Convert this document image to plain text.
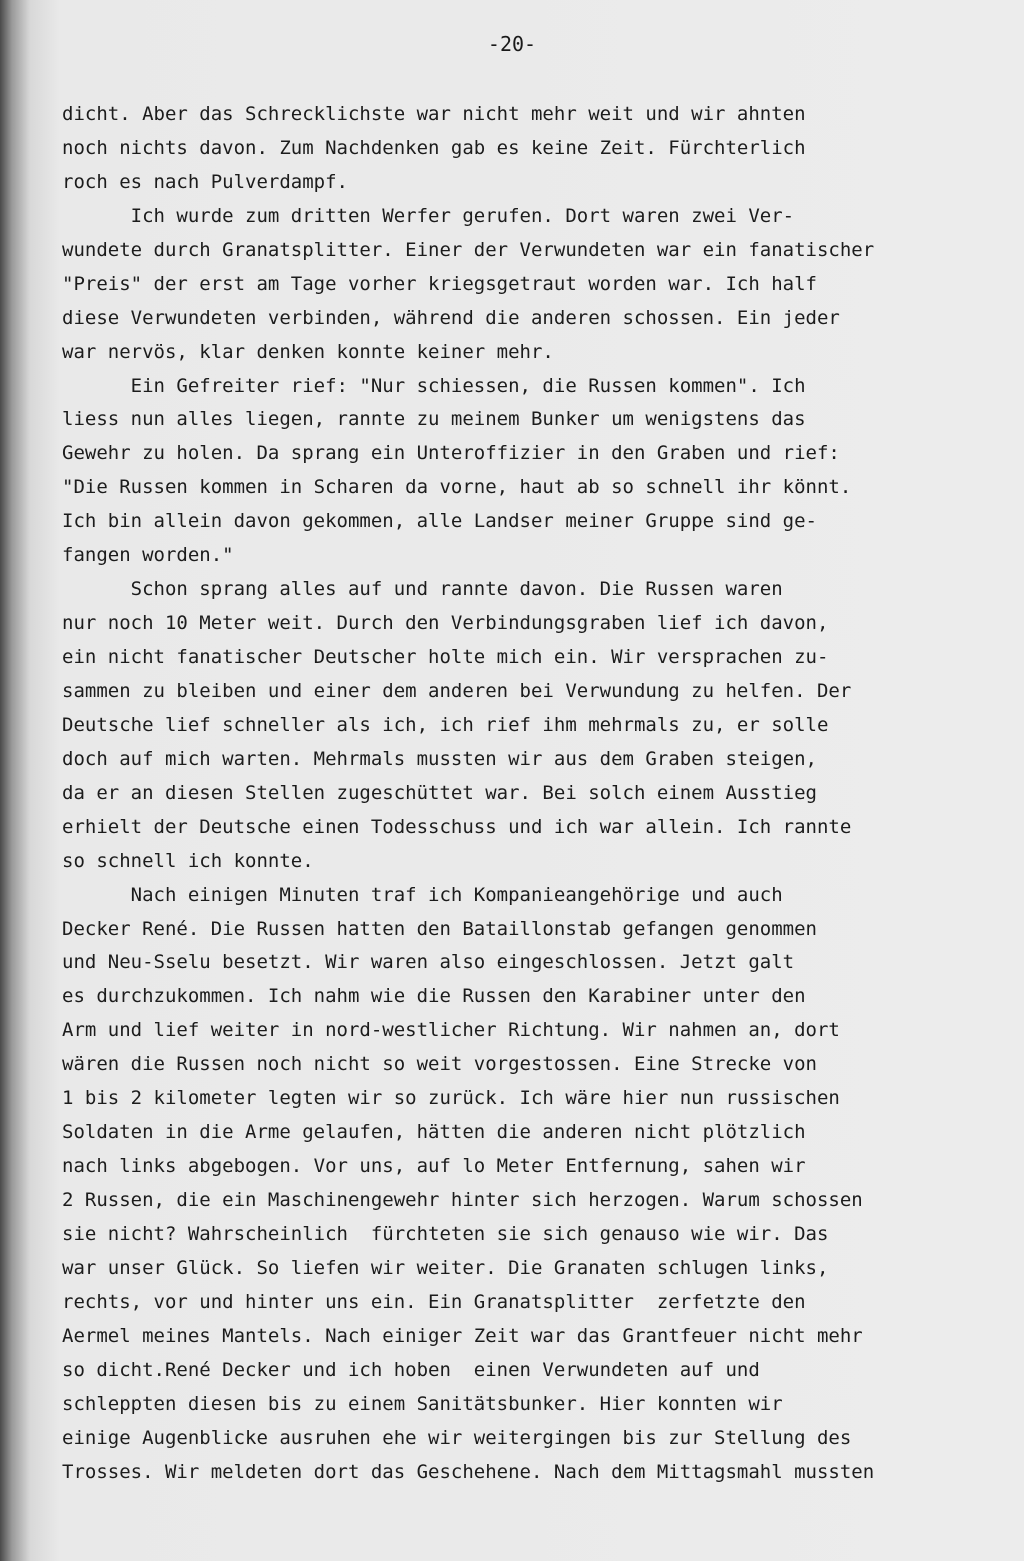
-20-
dicht. Aber das Schrecklichste war nicht mehr weit und wir ahnten
noch nichts davon. Zum Nachdenken gab es keine Zeit. Fürchterlich
roch es nach Pulverdampf.
Ich wurde zum dritten Werfer gerufen. Dort waren zwei Ver-
wundete durch Granatsplitter. Einer der Verwundeten war ein fanatischer
"Preis" der erst am Tage vorher kriegsgetraut worden war. Ich half
diese Verwundeten verbinden, während die anderen schossen. Ein jeder
war nervös, klar denken konnte keiner mehr.
Ein Gefreiter rief: "Nur schiessen, die Russen kommen". Ich
liess nun alles liegen, rannte zu meinem Bunker um wenigstens das
Gewehr zu holen. Da sprang ein Unteroffizier in den Graben und rief:
"Die Russen kommen in Scharen da vorne, haut ab so schnell ihr könnt.
Ich bin allein davon gekommen, alle Landser meiner Gruppe sind ge-
fangen worden."
Schon sprang alles auf und rannte davon. Die Russen waren
nur noch 10 Meter weit. Durch den Verbindungsgraben lief ich davon,
ein nicht fanatischer Deutscher holte mich ein. Wir versprachen zu-
sammen zu bleiben und einer dem anderen bei Verwundung zu helfen. Der
Deutsche lief schneller als ich, ich rief ihm mehrmals zu, er solle
doch auf mich warten. Mehrmals mussten wir aus dem Graben steigen,
da er an diesen Stellen zugeschüttet war. Bei solch einem Ausstieg
erhielt der Deutsche einen Todesschuss und ich war allein. Ich rannte
so schnell ich konnte.
Nach einigen Minuten traf ich Kompanieangehörige und auch
Decker René. Die Russen hatten den Bataillonstab gefangen genommen
und Neu-Sselu besetzt. Wir waren also eingeschlossen. Jetzt galt
es durchzukommen. Ich nahm wie die Russen den Karabiner unter den
Arm und lief weiter in nord-westlicher Richtung. Wir nahmen an, dort
wären die Russen noch nicht so weit vorgestossen. Eine Strecke von
1 bis 2 kilometer legten wir so zurück. Ich wäre hier nun russischen
Soldaten in die Arme gelaufen, hätten die anderen nicht plötzlich
nach links abgebogen. Vor uns, auf lo Meter Entfernung, sahen wir
2 Russen, die ein Maschinengewehr hinter sich herzogen. Warum schossen
sie nicht? Wahrscheinlich  fürchteten sie sich genauso wie wir. Das
war unser Glück. So liefen wir weiter. Die Granaten schlugen links,
rechts, vor und hinter uns ein. Ein Granatsplitter  zerfetzte den
Aermel meines Mantels. Nach einiger Zeit war das Grantfeuer nicht mehr
so dicht.René Decker und ich hoben  einen Verwundeten auf und
schleppten diesen bis zu einem Sanitätsbunker. Hier konnten wir
einige Augenblicke ausruhen ehe wir weitergingen bis zur Stellung des
Trosses. Wir meldeten dort das Geschehene. Nach dem Mittagsmahl mussten
